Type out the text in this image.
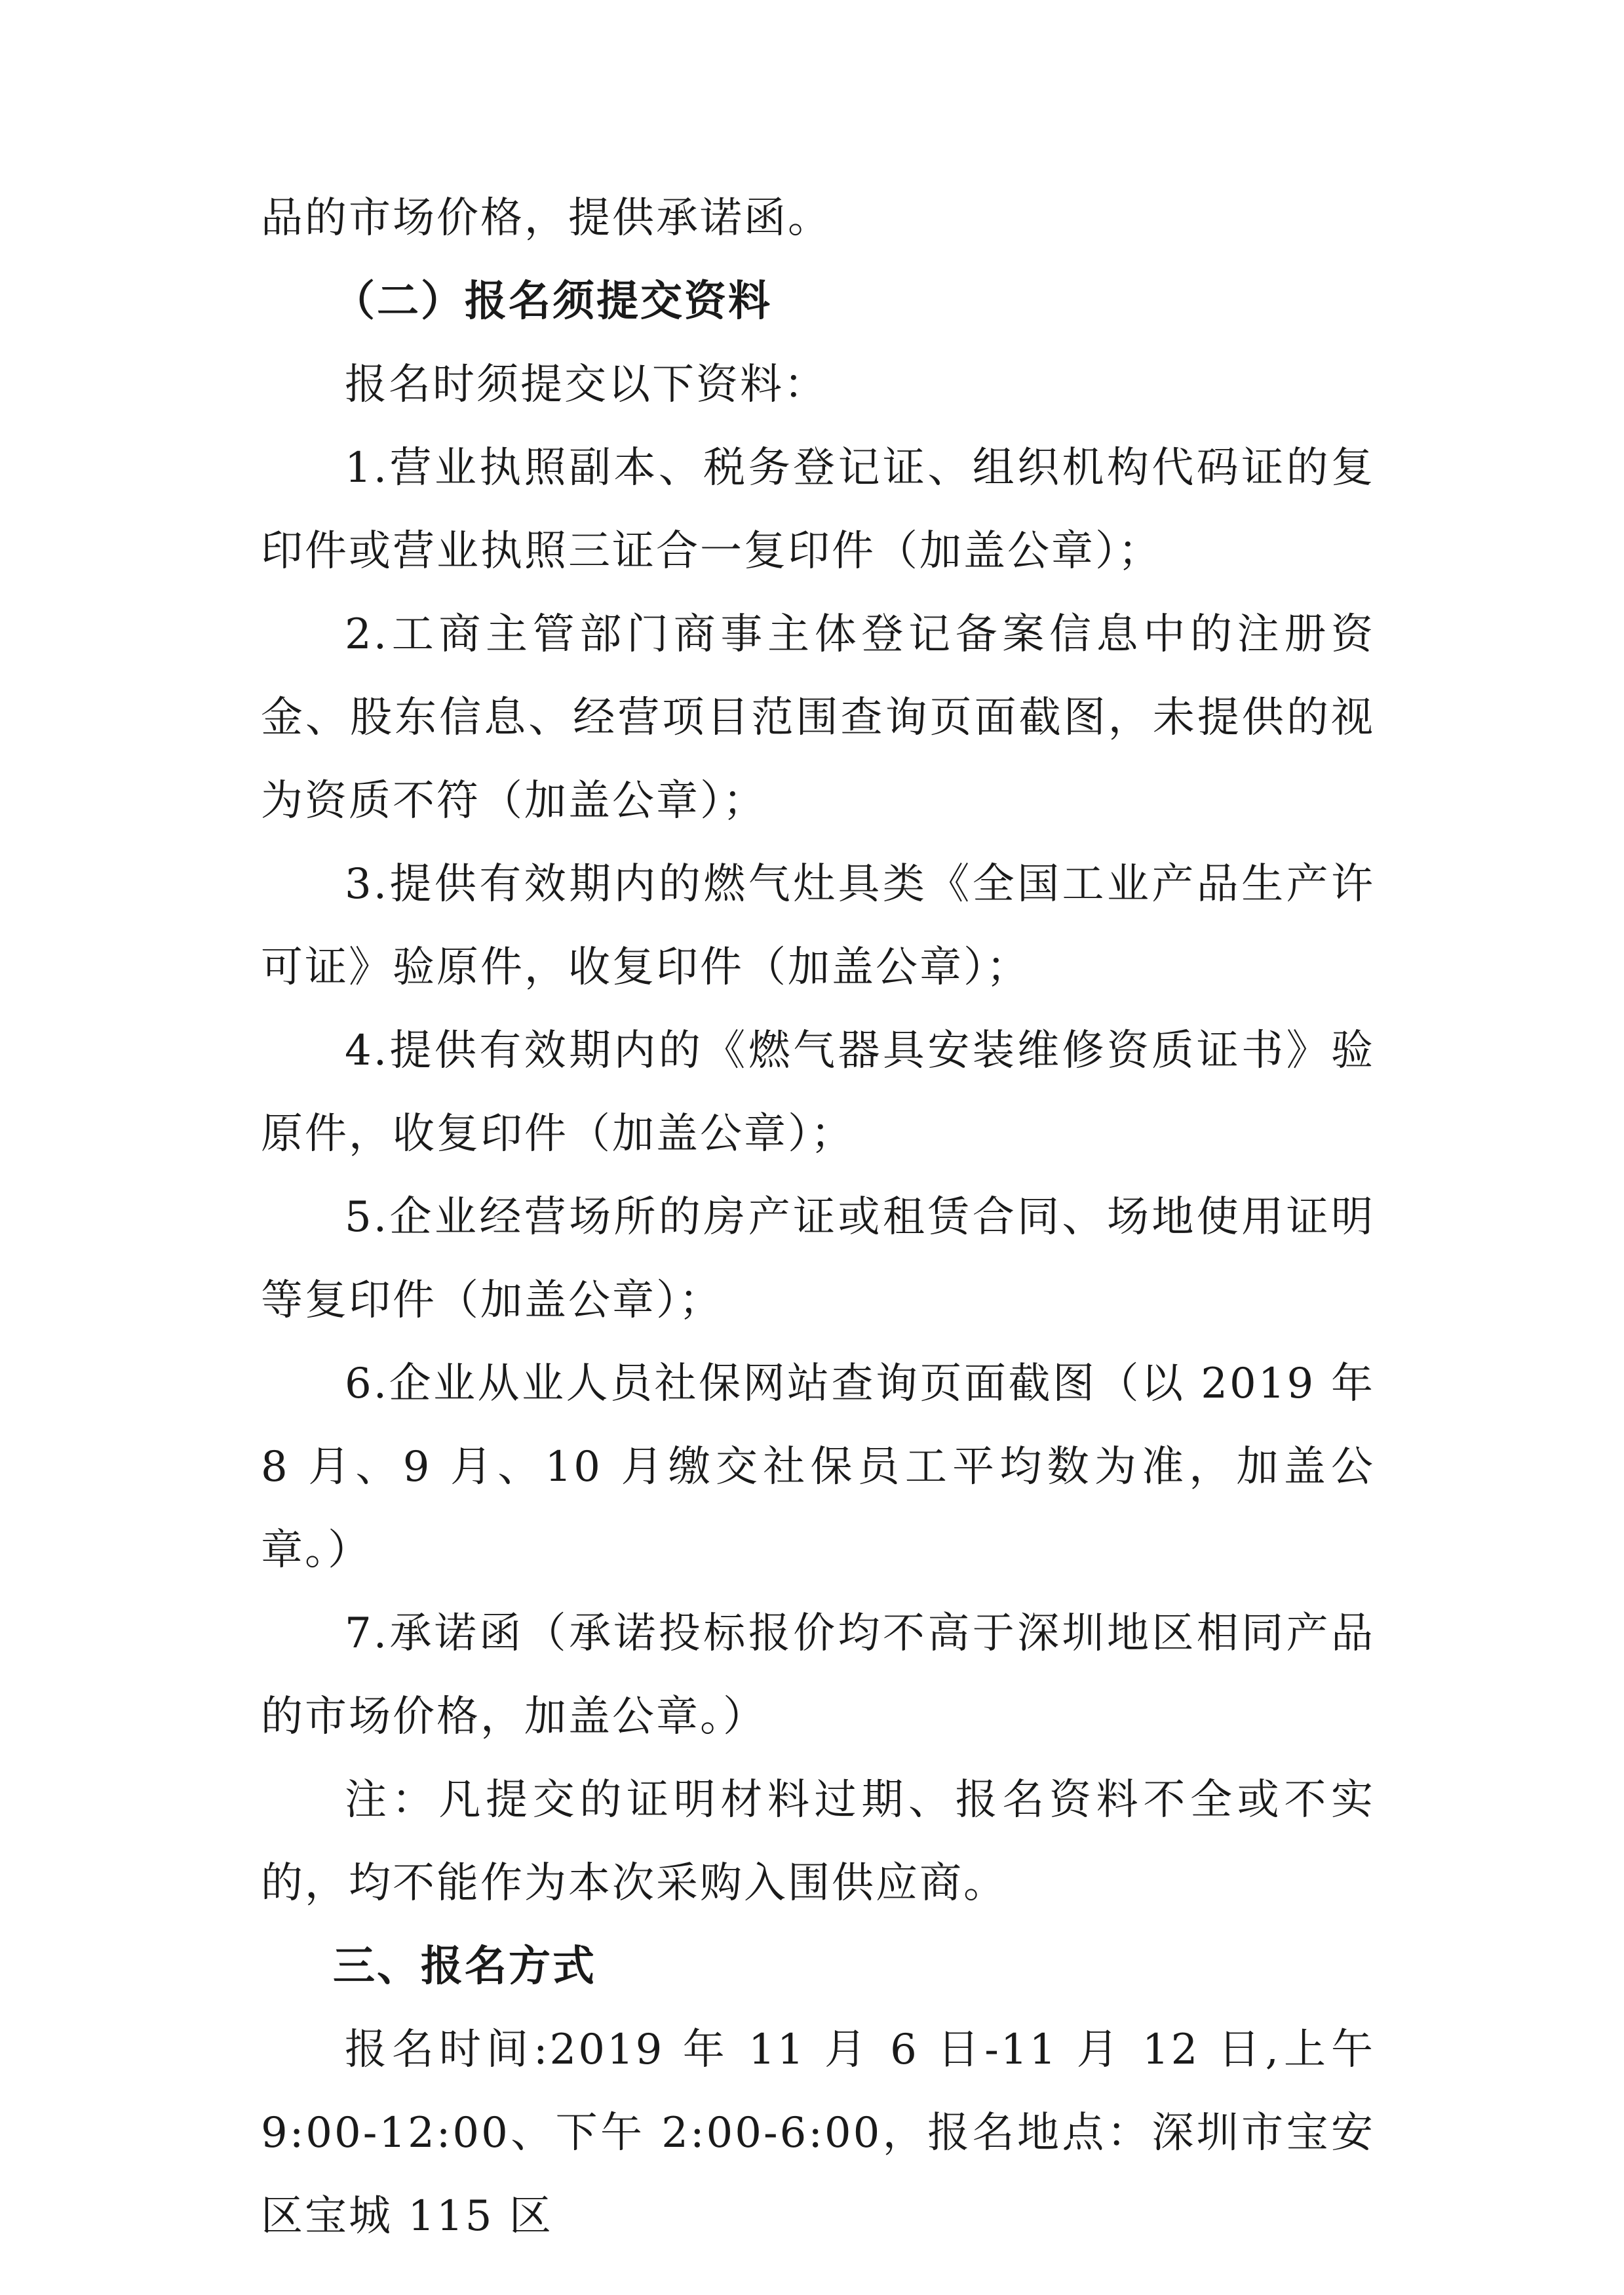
品的市场价格，提供承诺函。

（二）报名须提交资料

报名时须提交以下资料：

1.营业执照副本、税务登记证、组织机构代码证的复印件或营业执照三证合一复印件（加盖公章）；

2.工商主管部门商事主体登记备案信息中的注册资金、股东信息、经营项目范围查询页面截图，未提供的视为资质不符（加盖公章）；

3.提供有效期内的燃气灶具类《全国工业产品生产许可证》验原件，收复印件（加盖公章）；

4.提供有效期内的《燃气器具安装维修资质证书》验原件，收复印件（加盖公章）；

5.企业经营场所的房产证或租赁合同、场地使用证明等复印件（加盖公章）；

6.企业从业人员社保网站查询页面截图（以 2019 年 8 月、9 月、10 月缴交社保员工平均数为准，加盖公章。）

7.承诺函（承诺投标报价均不高于深圳地区相同产品的市场价格，加盖公章。）

注：凡提交的证明材料过期、报名资料不全或不实的，均不能作为本次采购入围供应商。

三、报名方式

报名时间:2019 年 11 月 6 日-11 月 12 日,上午 9:00-12:00、下午 2:00-6:00，报名地点：深圳市宝安区宝城 115 区
